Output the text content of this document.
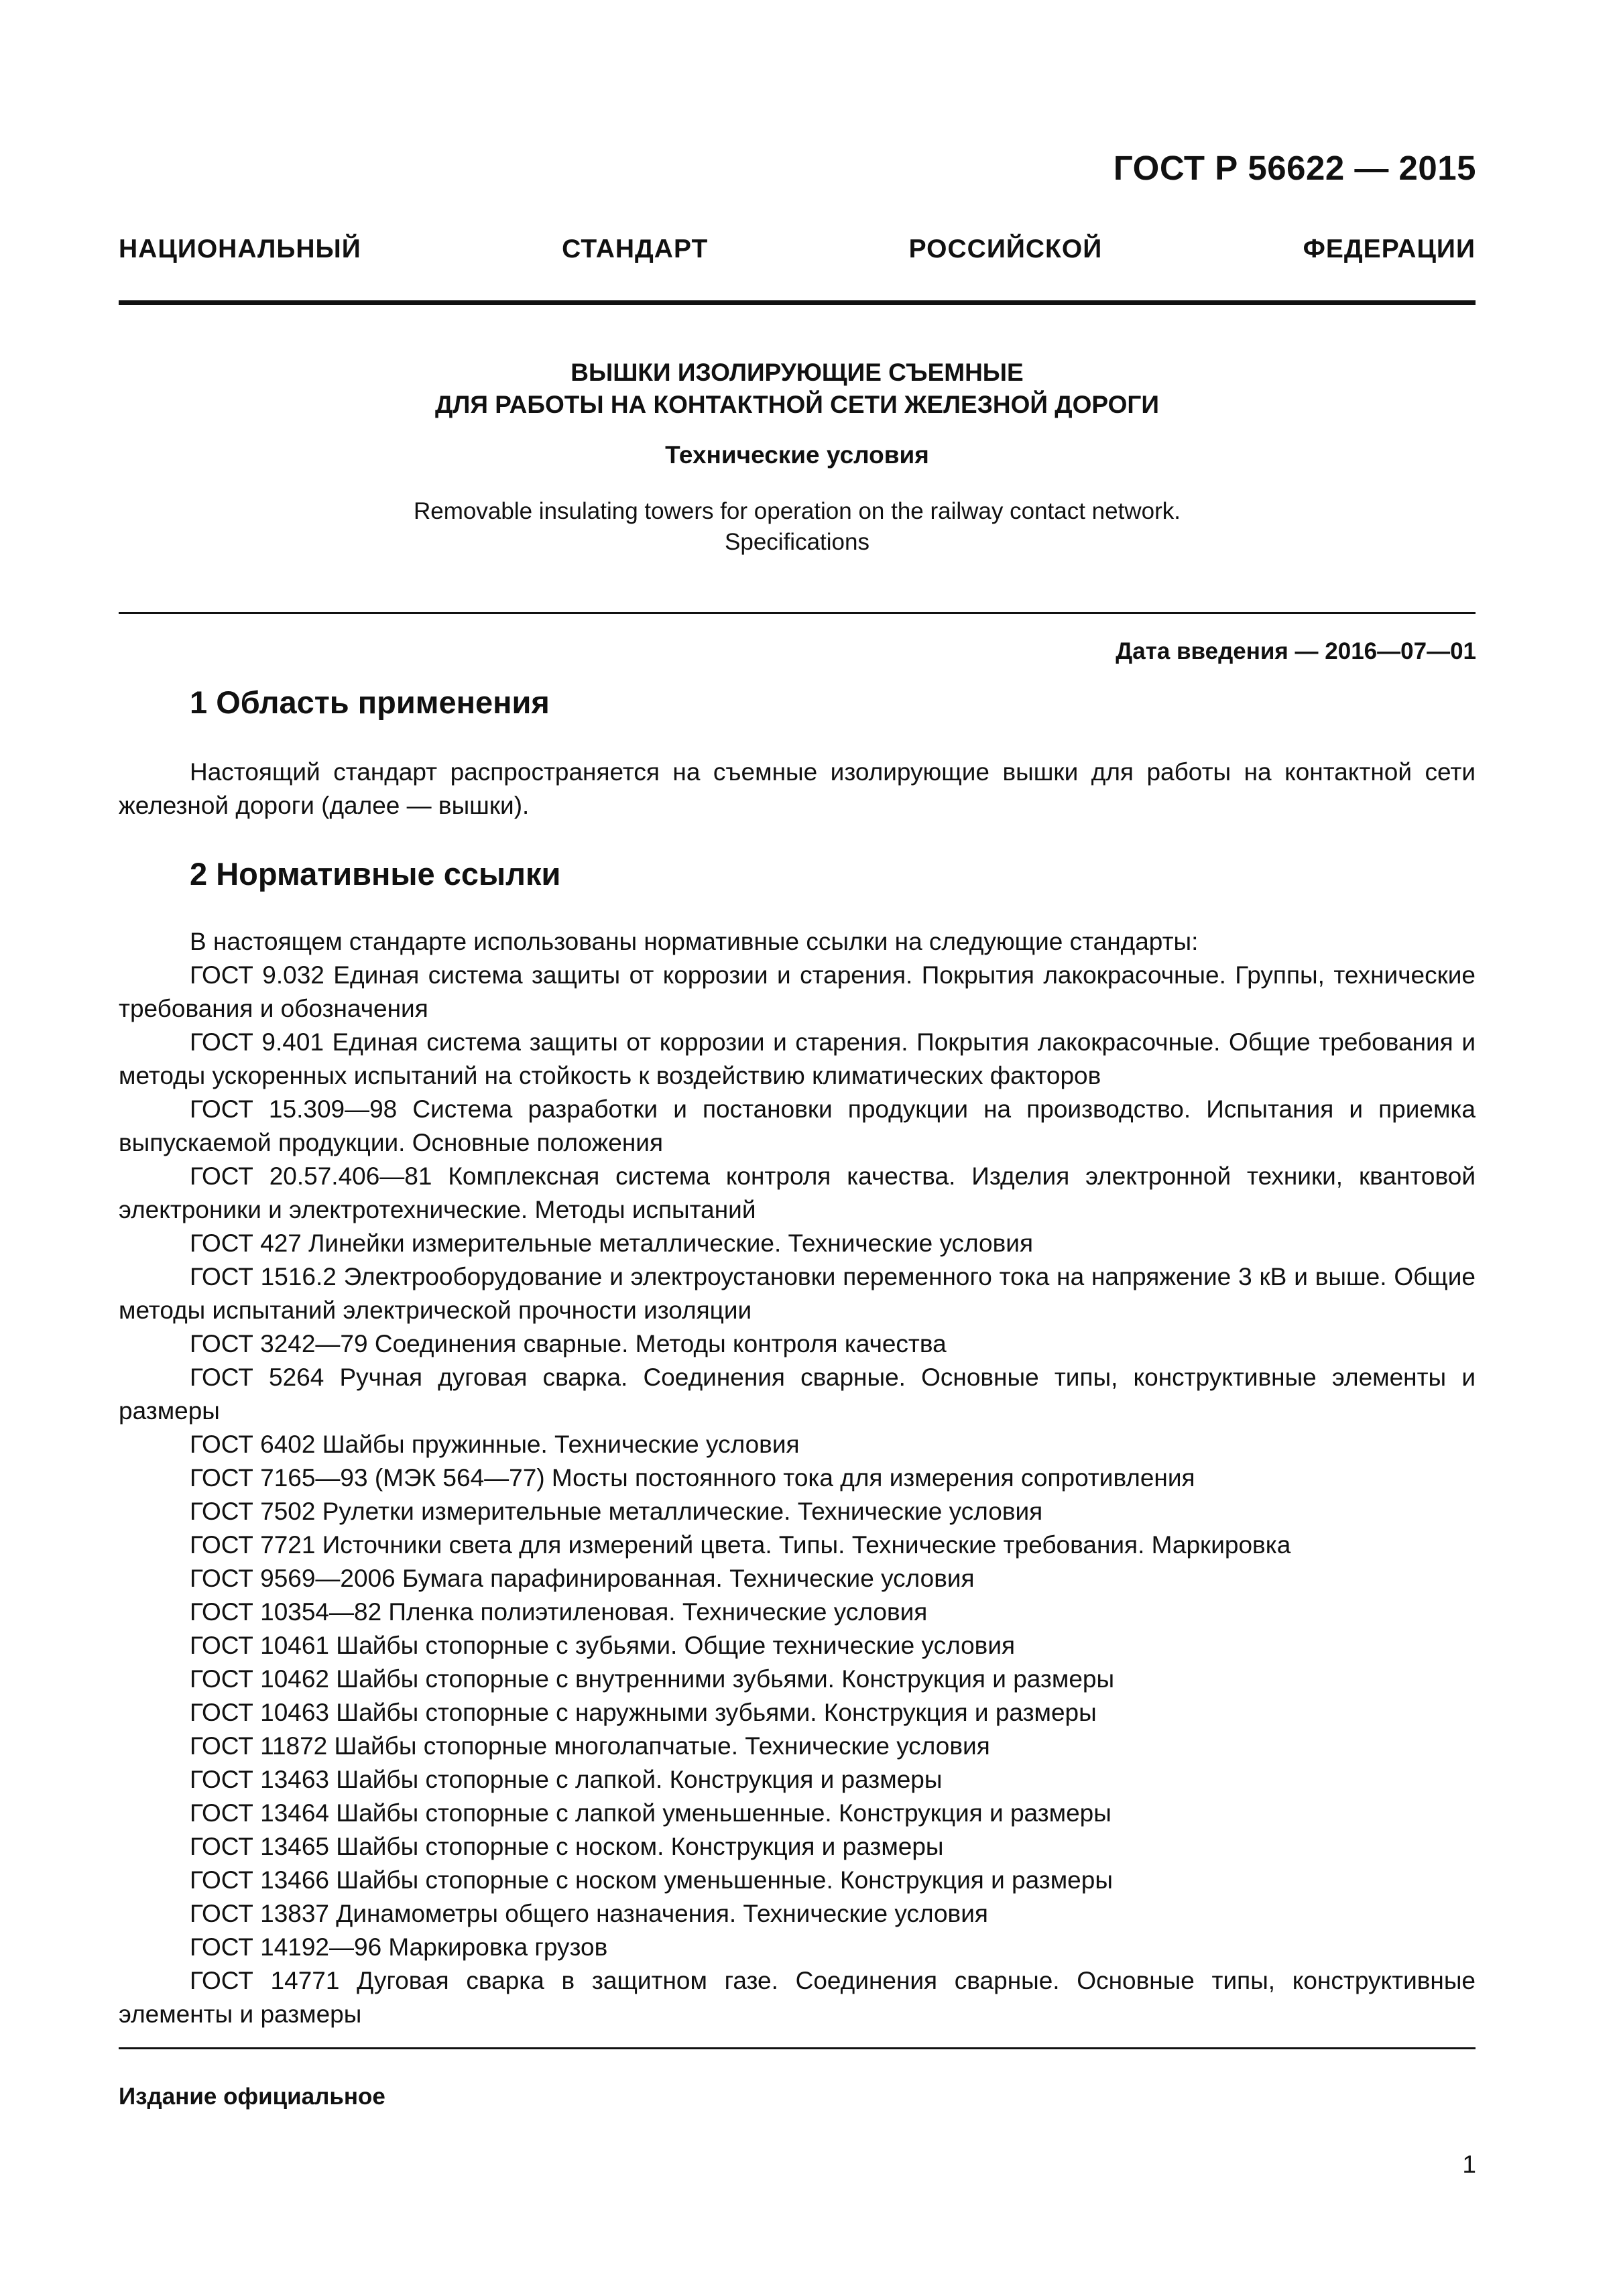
ГОСТ Р 56622 — 2015
НАЦИОНАЛЬНЫЙ СТАНДАРТ РОССИЙСКОЙ ФЕДЕРАЦИИ
ВЫШКИ ИЗОЛИРУЮЩИЕ СЪЕМНЫЕ
ДЛЯ РАБОТЫ НА КОНТАКТНОЙ СЕТИ ЖЕЛЕЗНОЙ ДОРОГИ
Технические условия
Removable insulating towers for operation on the railway contact network.
Specifications
Дата введения — 2016—07—01
1 Область применения

Настоящий стандарт распространяется на съемные изолирующие вышки для работы на контактной сети железной дороги (далее — вышки).

2 Нормативные ссылки

В настоящем стандарте использованы нормативные ссылки на следующие стандарты:

ГОСТ 9.032 Единая система защиты от коррозии и старения. Покрытия лакокрасочные. Группы, технические требования и обозначения

ГОСТ 9.401 Единая система защиты от коррозии и старения. Покрытия лакокрасочные. Общие требования и методы ускоренных испытаний на стойкость к воздействию климатических факторов

ГОСТ 15.309—98 Система разработки и постановки продукции на производство. Испытания и приемка выпускаемой продукции. Основные положения

ГОСТ 20.57.406—81 Комплексная система контроля качества. Изделия электронной техники, квантовой электроники и электротехнические. Методы испытаний

ГОСТ 427 Линейки измерительные металлические. Технические условия

ГОСТ 1516.2 Электрооборудование и электроустановки переменного тока на напряжение 3 кВ и выше. Общие методы испытаний электрической прочности изоляции

ГОСТ 3242—79 Соединения сварные. Методы контроля качества

ГОСТ 5264 Ручная дуговая сварка. Соединения сварные. Основные типы, конструктивные элементы и размеры

ГОСТ 6402 Шайбы пружинные. Технические условия

ГОСТ 7165—93 (МЭК 564—77) Мосты постоянного тока для измерения сопротивления

ГОСТ 7502 Рулетки измерительные металлические. Технические условия

ГОСТ 7721 Источники света для измерений цвета. Типы. Технические требования. Маркировка

ГОСТ 9569—2006 Бумага парафинированная. Технические условия

ГОСТ 10354—82 Пленка полиэтиленовая. Технические условия

ГОСТ 10461 Шайбы стопорные с зубьями. Общие технические условия

ГОСТ 10462 Шайбы стопорные с внутренними зубьями. Конструкция и размеры

ГОСТ 10463 Шайбы стопорные с наружными зубьями. Конструкция и размеры

ГОСТ 11872 Шайбы стопорные многолапчатые. Технические условия

ГОСТ 13463 Шайбы стопорные с лапкой. Конструкция и размеры

ГОСТ 13464 Шайбы стопорные с лапкой уменьшенные. Конструкция и размеры

ГОСТ 13465 Шайбы стопорные с носком. Конструкция и размеры

ГОСТ 13466 Шайбы стопорные с носком уменьшенные. Конструкция и размеры

ГОСТ 13837 Динамометры общего назначения. Технические условия

ГОСТ 14192—96 Маркировка грузов

ГОСТ 14771 Дуговая сварка в защитном газе. Соединения сварные. Основные типы, конструктивные элементы и размеры

Издание официальное
1
